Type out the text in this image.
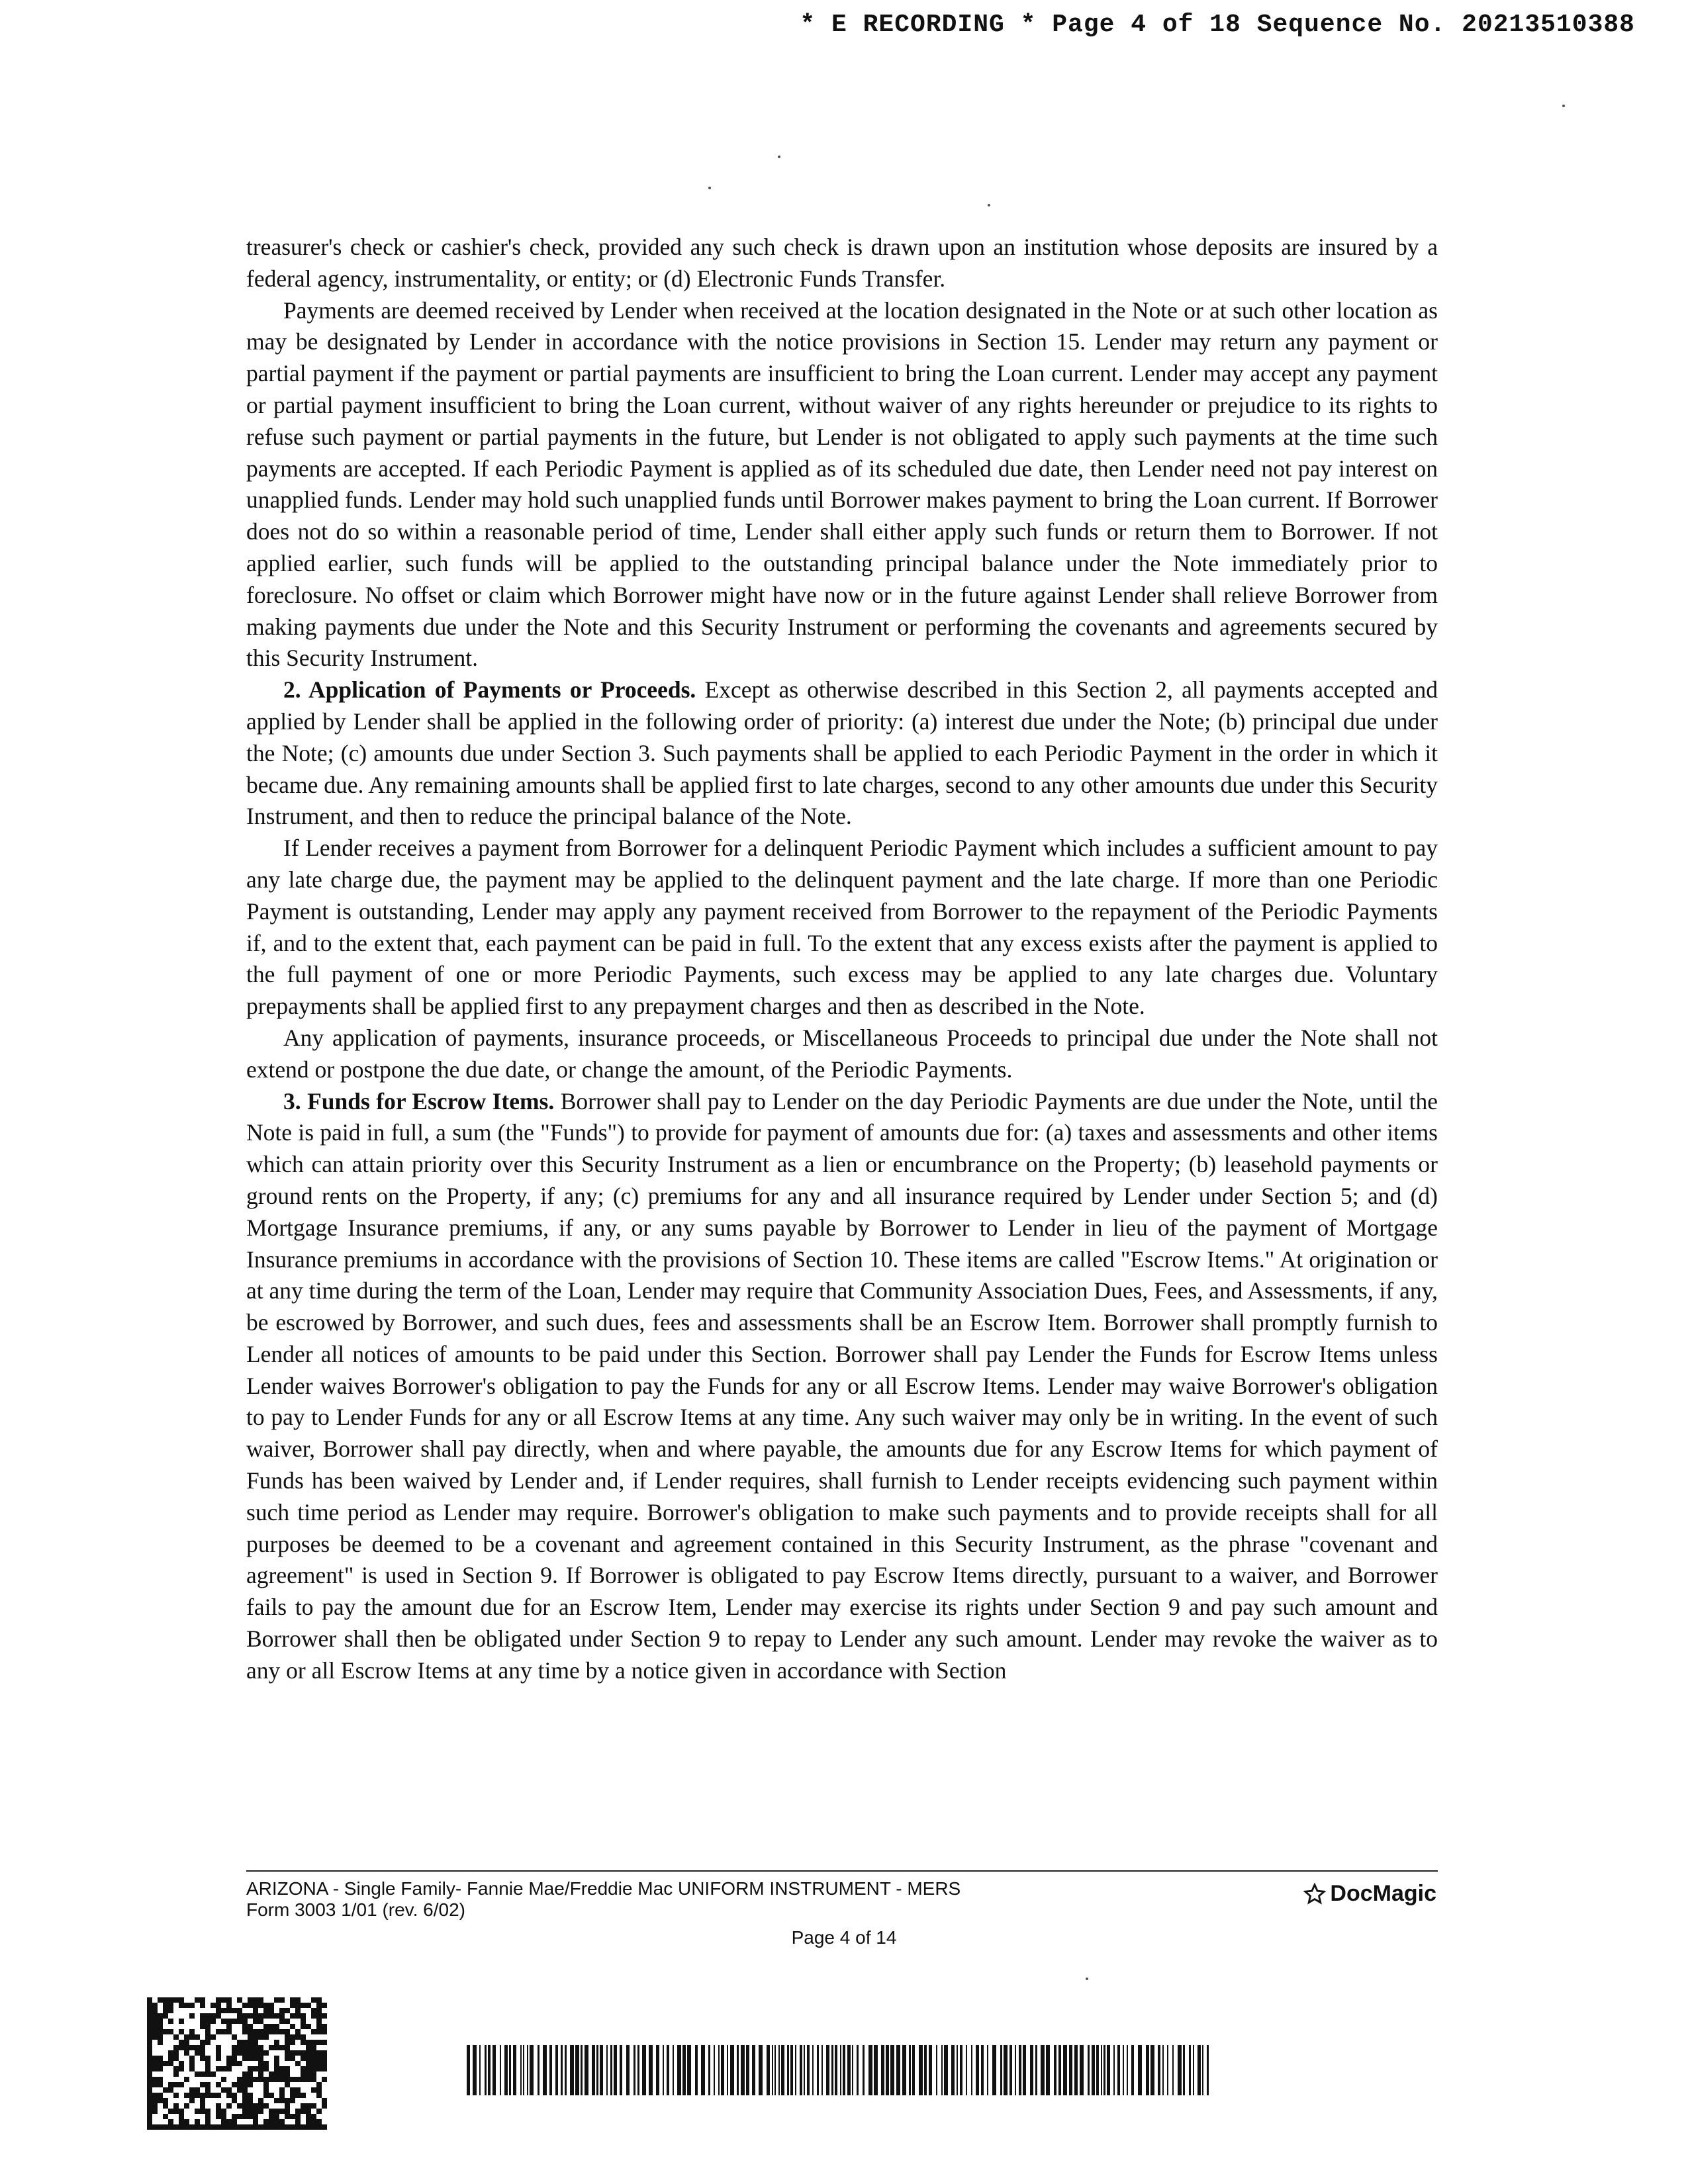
* E RECORDING * Page 4 of 18 Sequence No. 20213510388

treasurer's check or cashier's check, provided any such check is drawn upon an institution whose deposits are insured by a federal agency, instrumentality, or entity; or (d) Electronic Funds Transfer.

Payments are deemed received by Lender when received at the location designated in the Note or at such other location as may be designated by Lender in accordance with the notice provisions in Section 15. Lender may return any payment or partial payment if the payment or partial payments are insufficient to bring the Loan current. Lender may accept any payment or partial payment insufficient to bring the Loan current, without waiver of any rights hereunder or prejudice to its rights to refuse such payment or partial payments in the future, but Lender is not obligated to apply such payments at the time such payments are accepted. If each Periodic Payment is applied as of its scheduled due date, then Lender need not pay interest on unapplied funds. Lender may hold such unapplied funds until Borrower makes payment to bring the Loan current. If Borrower does not do so within a reasonable period of time, Lender shall either apply such funds or return them to Borrower. If not applied earlier, such funds will be applied to the outstanding principal balance under the Note immediately prior to foreclosure. No offset or claim which Borrower might have now or in the future against Lender shall relieve Borrower from making payments due under the Note and this Security Instrument or performing the covenants and agreements secured by this Security Instrument.

2. Application of Payments or Proceeds. Except as otherwise described in this Section 2, all payments accepted and applied by Lender shall be applied in the following order of priority: (a) interest due under the Note; (b) principal due under the Note; (c) amounts due under Section 3. Such payments shall be applied to each Periodic Payment in the order in which it became due. Any remaining amounts shall be applied first to late charges, second to any other amounts due under this Security Instrument, and then to reduce the principal balance of the Note.

If Lender receives a payment from Borrower for a delinquent Periodic Payment which includes a sufficient amount to pay any late charge due, the payment may be applied to the delinquent payment and the late charge. If more than one Periodic Payment is outstanding, Lender may apply any payment received from Borrower to the repayment of the Periodic Payments if, and to the extent that, each payment can be paid in full. To the extent that any excess exists after the payment is applied to the full payment of one or more Periodic Payments, such excess may be applied to any late charges due. Voluntary prepayments shall be applied first to any prepayment charges and then as described in the Note.

Any application of payments, insurance proceeds, or Miscellaneous Proceeds to principal due under the Note shall not extend or postpone the due date, or change the amount, of the Periodic Payments.

3. Funds for Escrow Items. Borrower shall pay to Lender on the day Periodic Payments are due under the Note, until the Note is paid in full, a sum (the "Funds") to provide for payment of amounts due for: (a) taxes and assessments and other items which can attain priority over this Security Instrument as a lien or encumbrance on the Property; (b) leasehold payments or ground rents on the Property, if any; (c) premiums for any and all insurance required by Lender under Section 5; and (d) Mortgage Insurance premiums, if any, or any sums payable by Borrower to Lender in lieu of the payment of Mortgage Insurance premiums in accordance with the provisions of Section 10. These items are called "Escrow Items." At origination or at any time during the term of the Loan, Lender may require that Community Association Dues, Fees, and Assessments, if any, be escrowed by Borrower, and such dues, fees and assessments shall be an Escrow Item. Borrower shall promptly furnish to Lender all notices of amounts to be paid under this Section. Borrower shall pay Lender the Funds for Escrow Items unless Lender waives Borrower's obligation to pay the Funds for any or all Escrow Items. Lender may waive Borrower's obligation to pay to Lender Funds for any or all Escrow Items at any time. Any such waiver may only be in writing. In the event of such waiver, Borrower shall pay directly, when and where payable, the amounts due for any Escrow Items for which payment of Funds has been waived by Lender and, if Lender requires, shall furnish to Lender receipts evidencing such payment within such time period as Lender may require. Borrower's obligation to make such payments and to provide receipts shall for all purposes be deemed to be a covenant and agreement contained in this Security Instrument, as the phrase "covenant and agreement" is used in Section 9. If Borrower is obligated to pay Escrow Items directly, pursuant to a waiver, and Borrower fails to pay the amount due for an Escrow Item, Lender may exercise its rights under Section 9 and pay such amount and Borrower shall then be obligated under Section 9 to repay to Lender any such amount. Lender may revoke the waiver as to any or all Escrow Items at any time by a notice given in accordance with Section

ARIZONA - Single Family- Fannie Mae/Freddie Mac UNIFORM INSTRUMENT - MERS
Form 3003 1/01 (rev. 6/02)
DocMagic
Page 4 of 14
